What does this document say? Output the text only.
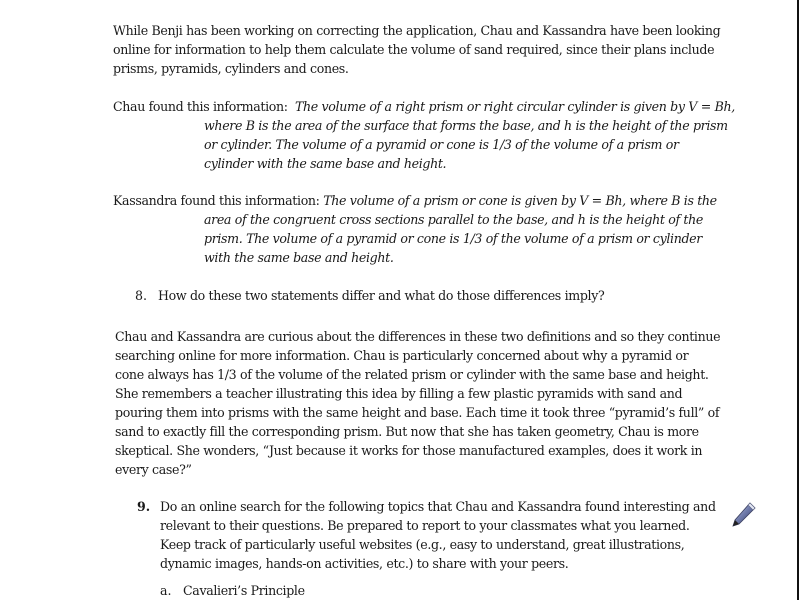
While Benji has been working on correcting the application, Chau and Kassandra have been looking
online for information to help them calculate the volume of sand required, since their plans include
prisms, pyramids, cylinders and cones.
Chau found this information: The volume of a right prism or right circular cylinder is given by V = Bh,
where B is the area of the surface that forms the base, and h is the height of the prism
or cylinder. The volume of a pyramid or cone is 1/3 of the volume of a prism or
cylinder with the same base and height.
Kassandra found this information: The volume of a prism or cone is given by V = Bh, where B is the
area of the congruent cross sections parallel to the base, and h is the height of the
prism. The volume of a pyramid or cone is 1/3 of the volume of a prism or cylinder
with the same base and height.
8. How do these two statements differ and what do those differences imply?
Chau and Kassandra are curious about the differences in these two definitions and so they continue
searching online for more information. Chau is particularly concerned about why a pyramid or
cone always has 1/3 of the volume of the related prism or cylinder with the same base and height.
She remembers a teacher illustrating this idea by filling a few plastic pyramids with sand and
pouring them into prisms with the same height and base. Each time it took three “pyramid’s full” of
sand to exactly fill the corresponding prism. But now that she has taken geometry, Chau is more
skeptical. She wonders, “Just because it works for those manufactured examples, does it work in
every case?”
9. Do an online search for the following topics that Chau and Kassandra found interesting and
relevant to their questions. Be prepared to report to your classmates what you learned.
Keep track of particularly useful websites (e.g., easy to understand, great illustrations,
dynamic images, hands-on activities, etc.) to share with your peers.
a. Cavalieri’s Principle
